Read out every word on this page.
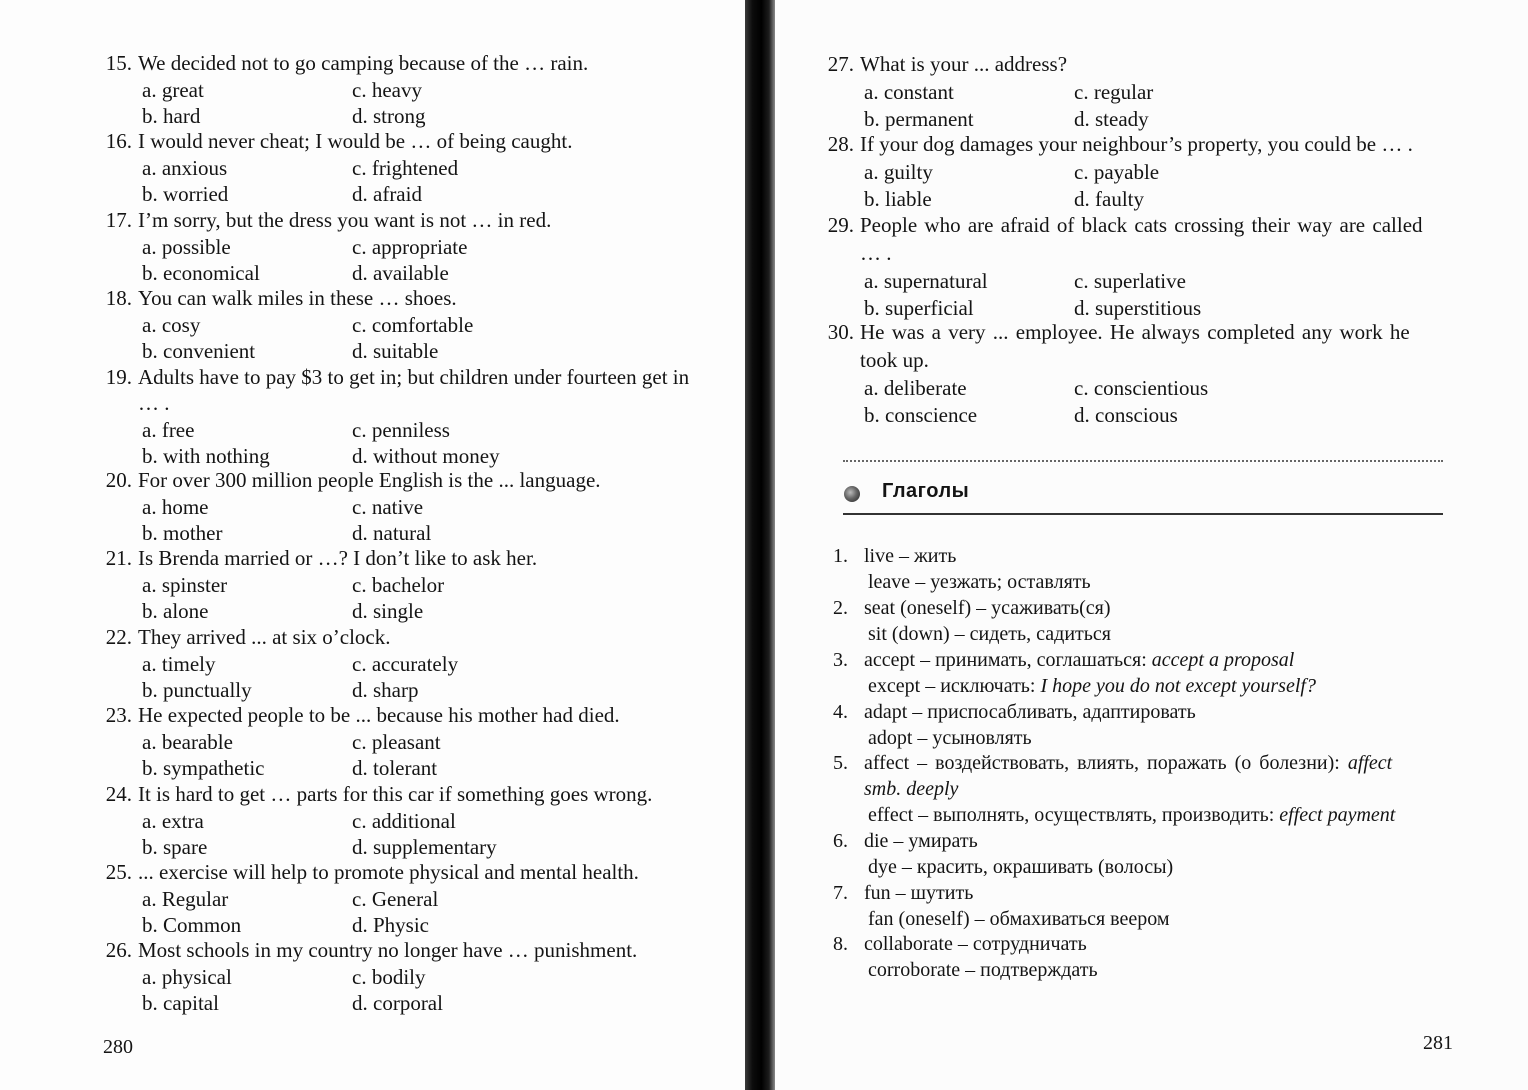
15. We decided not to go camping because of the … rain.
a. great	c. heavy
b. hard	d. strong
16. I would never cheat; I would be … of being caught.
a. anxious	c. frightened
b. worried	d. afraid
17. I’m sorry, but the dress you want is not … in red.
a. possible	c. appropriate
b. economical	d. available
18. You can walk miles in these … shoes.
a. cosy	c. comfortable
b. convenient	d. suitable
19. Adults have to pay $3 to get in; but children under fourteen get in
… .
a. free	c. penniless
b. with nothing	d. without money
20. For over 300 million people English is the ... language.
a. home	c. native
b. mother	d. natural
21. Is Brenda married or …? I don’t like to ask her.
a. spinster	c. bachelor
b. alone	d. single
22. They arrived ... at six o’clock.
a. timely	c. accurately
b. punctually	d. sharp
23. He expected people to be ... because his mother had died.
a. bearable	c. pleasant
b. sympathetic	d. tolerant
24. It is hard to get … parts for this car if something goes wrong.
a. extra	c. additional
b. spare	d. supplementary
25. ... exercise will help to promote physical and mental health.
a. Regular	c. General
b. Common	d. Physic
26. Most schools in my country no longer have … punishment.
a. physical	c. bodily
b. capital	d. corporal
280	281
27. What is your ... address?
a. constant	c. regular
b. permanent	d. steady
28. If your dog damages your neighbour’s property, you could be … .
a. guilty	c. payable
b. liable	d. faulty
29. People who are afraid of black cats crossing their way are called
… .
a. supernatural	c. superlative
b. superficial	d. superstitious
30. He was a very ... employee. He always completed any work he
took up.
a. deliberate	c. conscientious
b. conscience	d. conscious
Глаголы
1. live – жить
leave – уезжать; оставлять
2. seat (oneself) – усаживать(ся)
sit (down) – сидеть, садиться
3. accept – принимать, соглашаться: accept a proposal
except – исключать: I hope you do not except yourself?
4. adapt – приспосабливать, адаптировать
adopt – усыновлять
5. affect – воздействовать, влиять, поражать (о болезни): affect
smb. deeply
effect – выполнять, осуществлять, производить: effect payment
6. die – умирать
dye – красить, окрашивать (волосы)
7. fun – шутить
fan (oneself) – обмахиваться веером
8. collaborate – сотрудничать
corroborate – подтверждать
